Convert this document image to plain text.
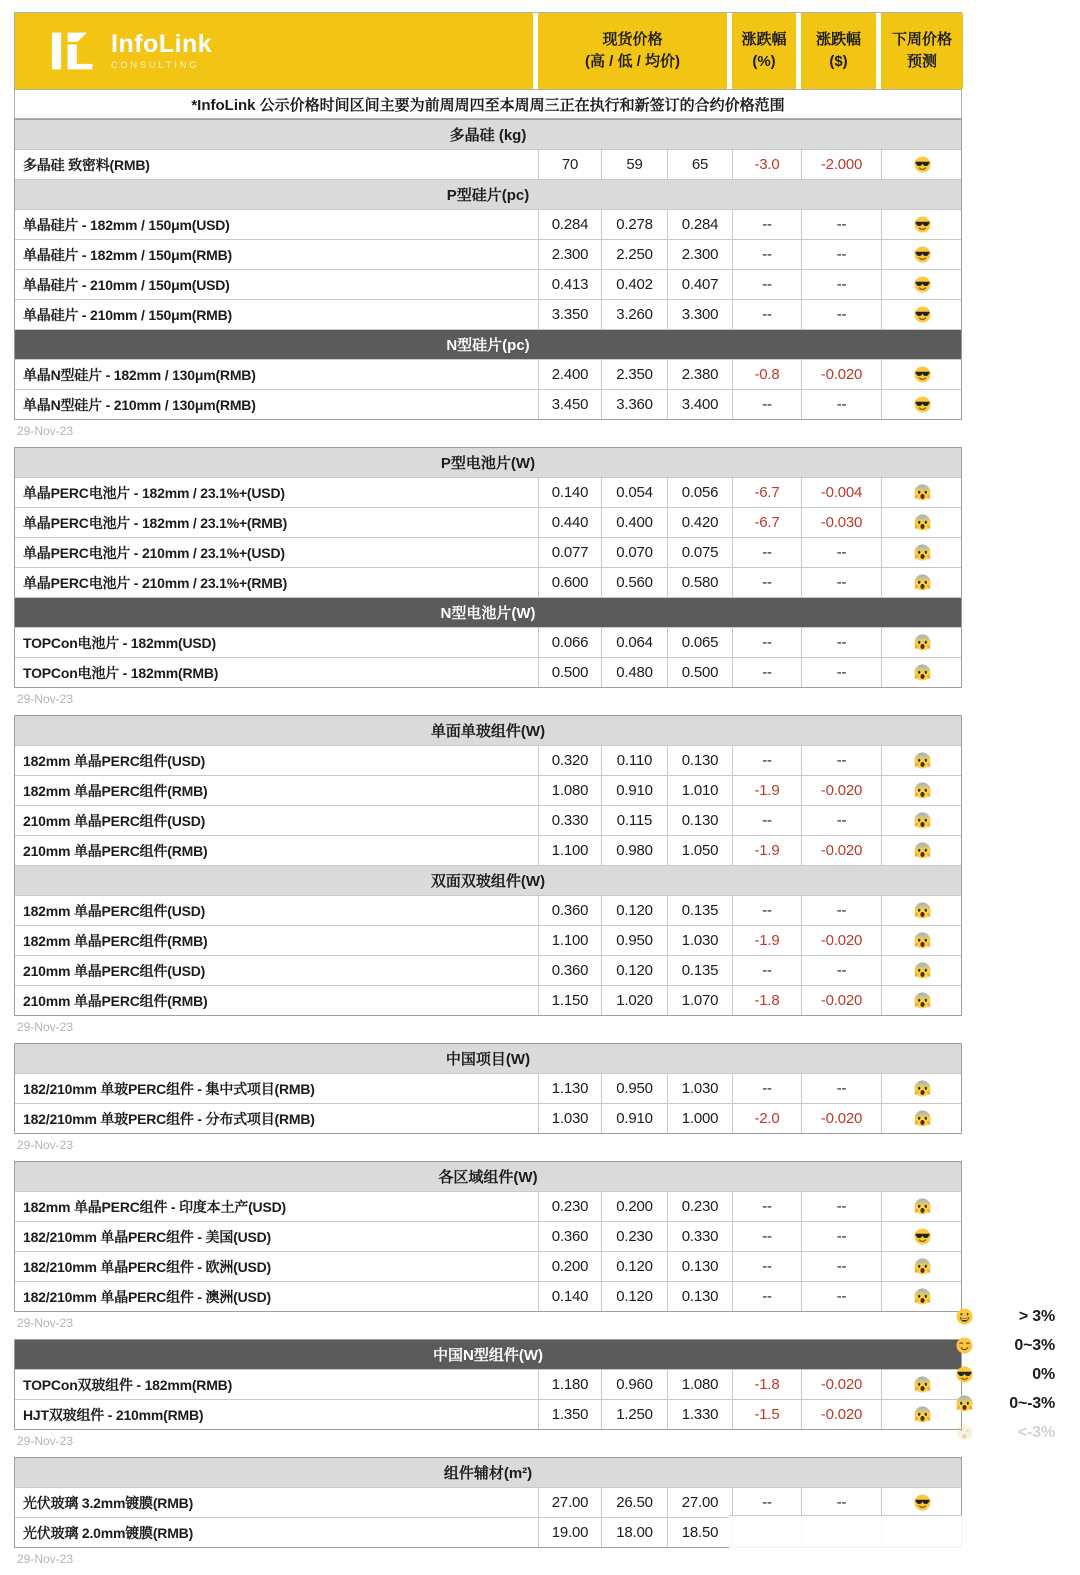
InfoLink
CONSULTING
现货价格
(高 / 低 / 均价)
涨跌幅
(%)
涨跌幅
($)
下周价格
预测
*InfoLink 公示价格时间区间主要为前周周四至本周周三正在执行和新签订的合约价格范围
多晶硅 (kg)
多晶硅 致密料(RMB)	70	59	65	-3.0	-2.000
P型硅片(pc)
单晶硅片 - 182mm / 150μm(USD)	0.284	0.278	0.284	--	--
单晶硅片 - 182mm / 150μm(RMB)	2.300	2.250	2.300	--	--
单晶硅片 - 210mm / 150μm(USD)	0.413	0.402	0.407	--	--
单晶硅片 - 210mm / 150μm(RMB)	3.350	3.260	3.300	--	--
N型硅片(pc)
单晶N型硅片 - 182mm / 130μm(RMB)	2.400	2.350	2.380	-0.8	-0.020
单晶N型硅片 - 210mm / 130μm(RMB)	3.450	3.360	3.400	--	--
29-Nov-23
P型电池片(W)
单晶PERC电池片 - 182mm / 23.1%+(USD)	0.140	0.054	0.056	-6.7	-0.004
单晶PERC电池片 - 182mm / 23.1%+(RMB)	0.440	0.400	0.420	-6.7	-0.030
单晶PERC电池片 - 210mm / 23.1%+(USD)	0.077	0.070	0.075	--	--
单晶PERC电池片 - 210mm / 23.1%+(RMB)	0.600	0.560	0.580	--	--
N型电池片(W)
TOPCon电池片 - 182mm(USD)	0.066	0.064	0.065	--	--
TOPCon电池片 - 182mm(RMB)	0.500	0.480	0.500	--	--
29-Nov-23
单面单玻组件(W)
182mm 单晶PERC组件(USD)	0.320	0.110	0.130	--	--
182mm 单晶PERC组件(RMB)	1.080	0.910	1.010	-1.9	-0.020
210mm 单晶PERC组件(USD)	0.330	0.115	0.130	--	--
210mm 单晶PERC组件(RMB)	1.100	0.980	1.050	-1.9	-0.020
双面双玻组件(W)
182mm 单晶PERC组件(USD)	0.360	0.120	0.135	--	--
182mm 单晶PERC组件(RMB)	1.100	0.950	1.030	-1.9	-0.020
210mm 单晶PERC组件(USD)	0.360	0.120	0.135	--	--
210mm 单晶PERC组件(RMB)	1.150	1.020	1.070	-1.8	-0.020
29-Nov-23
中国项目(W)
182/210mm 单玻PERC组件 - 集中式项目(RMB)	1.130	0.950	1.030	--	--
182/210mm 单玻PERC组件 - 分布式项目(RMB)	1.030	0.910	1.000	-2.0	-0.020
29-Nov-23
各区域组件(W)
182mm 单晶PERC组件 - 印度本土产(USD)	0.230	0.200	0.230	--	--
182/210mm 单晶PERC组件 - 美国(USD)	0.360	0.230	0.330	--	--
182/210mm 单晶PERC组件 - 欧洲(USD)	0.200	0.120	0.130	--	--
182/210mm 单晶PERC组件 - 澳洲(USD)	0.140	0.120	0.130	--	--
29-Nov-23
中国N型组件(W)
TOPCon双玻组件 - 182mm(RMB)	1.180	0.960	1.080	-1.8	-0.020
HJT双玻组件 - 210mm(RMB)	1.350	1.250	1.330	-1.5	-0.020
29-Nov-23
组件辅材(m²)
光伏玻璃 3.2mm镀膜(RMB)	27.00	26.50	27.00	--	--
光伏玻璃 2.0mm镀膜(RMB)	19.00	18.00	18.50
29-Nov-23
> 3%
0~3%
0%
0~-3%
<-3%
